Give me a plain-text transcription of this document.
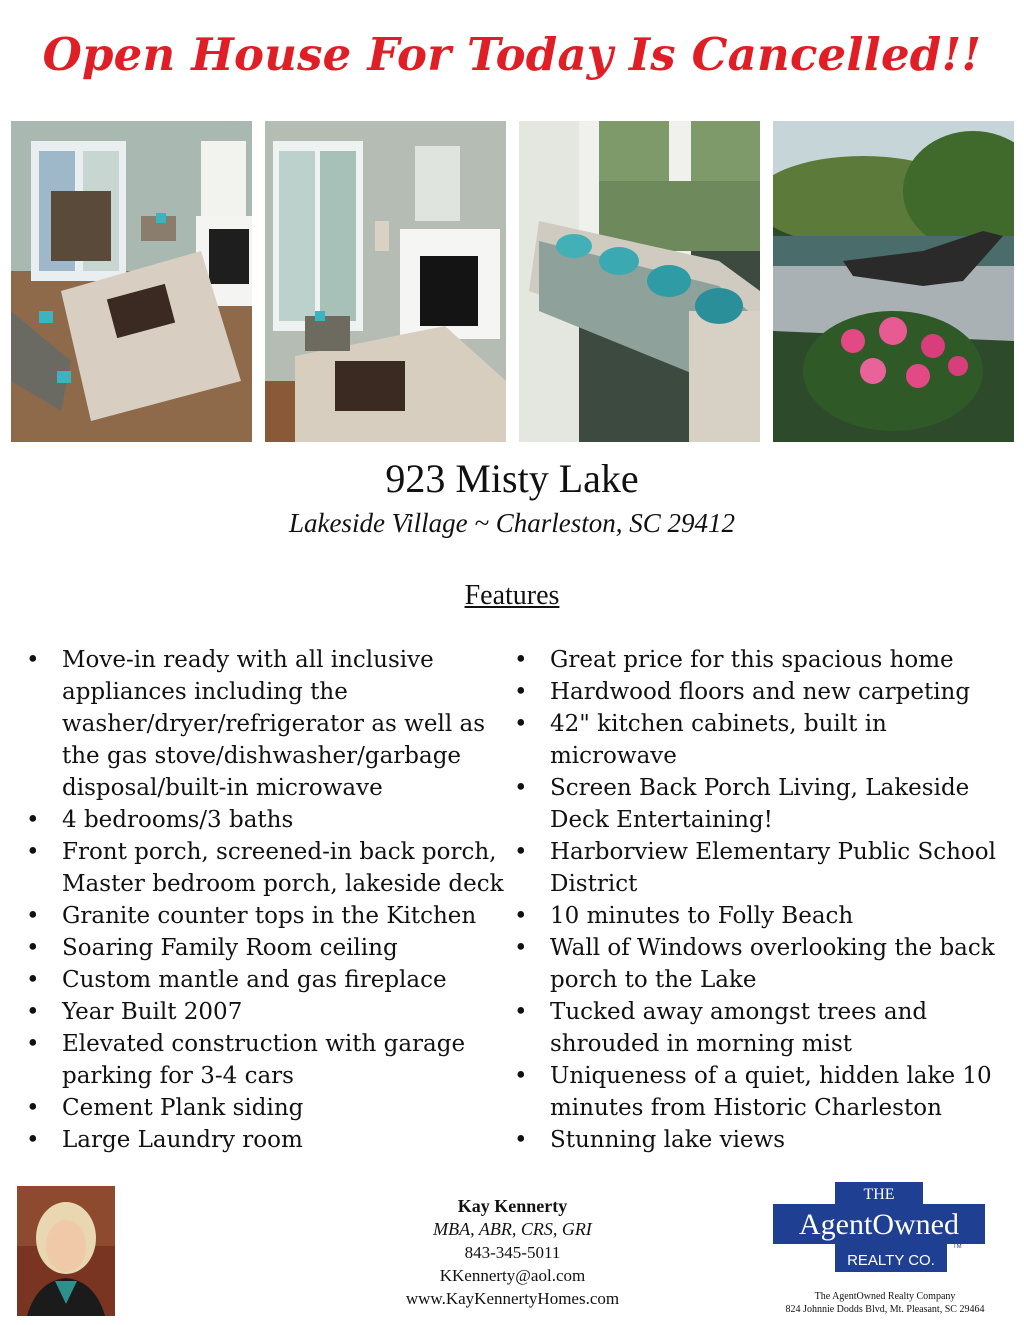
Open House For Today Is Cancelled!!
923 Misty Lake
Lakeside Village ~ Charleston, SC 29412
Features
• Move-in ready with all inclusive appliances including the washer/dryer/refrigerator as well as the gas stove/dishwasher/garbage disposal/built-in microwave
• 4 bedrooms/3 baths
• Front porch, screened-in back porch, Master bedroom porch, lakeside deck
• Granite counter tops in the Kitchen
• Soaring Family Room ceiling
• Custom mantle and gas fireplace
• Year Built 2007
• Elevated construction with garage parking for 3-4 cars
• Cement Plank siding
• Large Laundry room
• Great price for this spacious home
• Hardwood floors and new carpeting
• 42" kitchen cabinets, built in microwave
• Screen Back Porch Living, Lakeside Deck Entertaining!
• Harborview Elementary Public School District
• 10 minutes to Folly Beach
• Wall of Windows overlooking the back porch to the Lake
• Tucked away amongst trees and shrouded in morning mist
• Uniqueness of a quiet, hidden lake 10 minutes from Historic Charleston
• Stunning lake views
Kay Kennerty
MBA, ABR, CRS, GRI
843-345-5011
KKennerty@aol.com
www.KayKennertyHomes.com
THE
AgentOwned
REALTY CO.
TM
The AgentOwned Realty Company
824 Johnnie Dodds Blvd, Mt. Pleasant, SC 29464
